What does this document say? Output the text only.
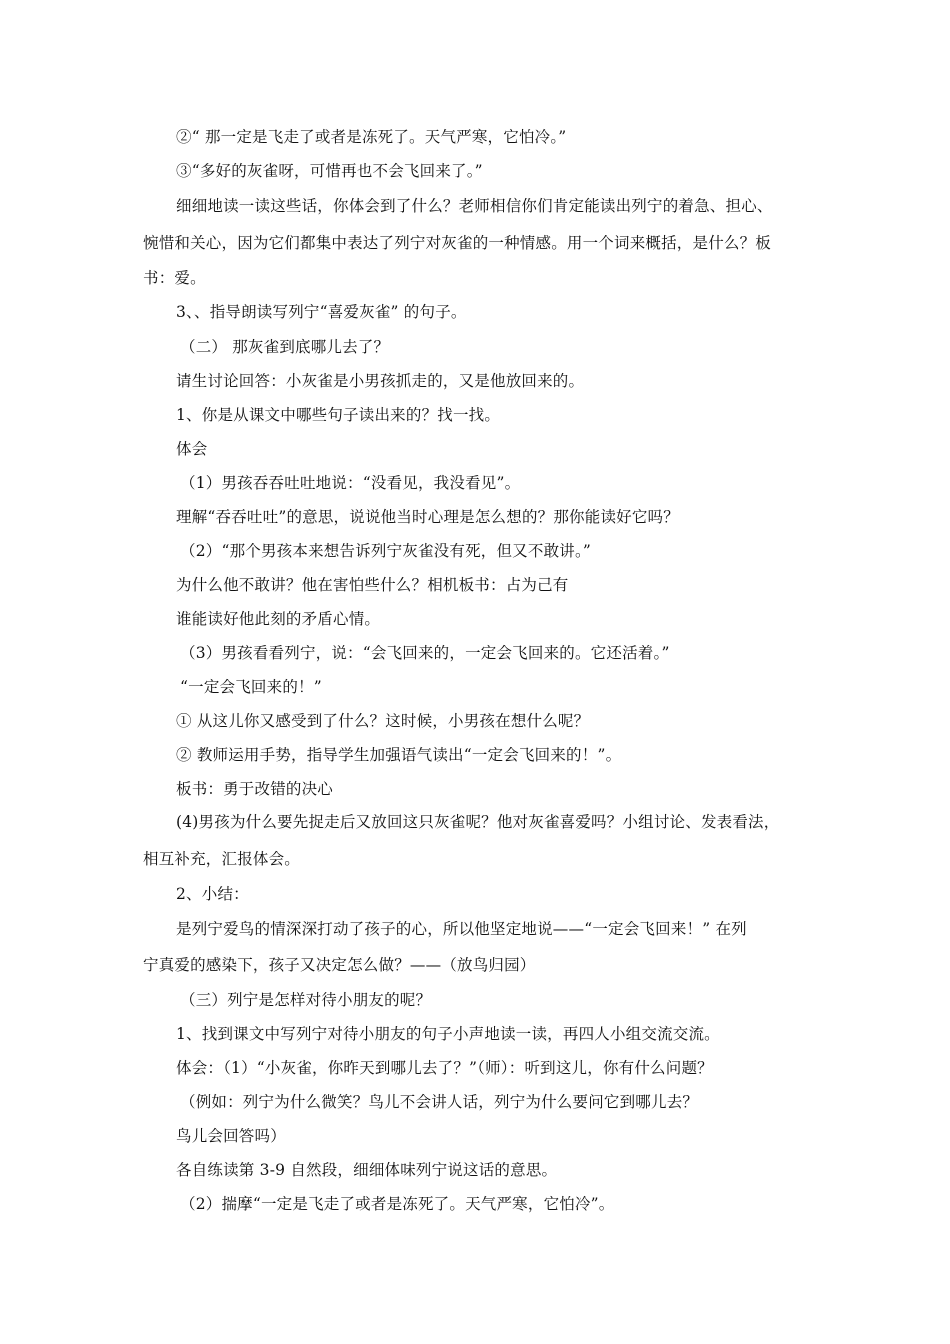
②“ 那一定是飞走了或者是冻死了。天气严寒，它怕冷。”
③“多好的灰雀呀，可惜再也不会飞回来了。”
细细地读一读这些话，你体会到了什么？老师相信你们肯定能读出列宁的着急、担心、
惋惜和关心，因为它们都集中表达了列宁对灰雀的一种情感。用一个词来概括，是什么？板
书：爱。
3、、指导朗读写列宁“喜爱灰雀” 的句子。
（二） 那灰雀到底哪儿去了？
请生讨论回答：小灰雀是小男孩抓走的，又是他放回来的。
1、你是从课文中哪些句子读出来的？找一找。
体会
（1）男孩吞吞吐吐地说：“没看见，我没看见”。
理解“吞吞吐吐”的意思，说说他当时心理是怎么想的？那你能读好它吗？
（2）“那个男孩本来想告诉列宁灰雀没有死，但又不敢讲。”
为什么他不敢讲？他在害怕些什么？相机板书：占为己有
谁能读好他此刻的矛盾心情。
（3）男孩看看列宁，说：“会飞回来的，一定会飞回来的。它还活着。”
“一定会飞回来的！”
① 从这儿你又感受到了什么？这时候，小男孩在想什么呢？
② 教师运用手势，指导学生加强语气读出“一定会飞回来的！”。
板书：勇于改错的决心
(4)男孩为什么要先捉走后又放回这只灰雀呢？他对灰雀喜爱吗？小组讨论、发表看法，
相互补充，汇报体会。
2、小结：
是列宁爱鸟的情深深打动了孩子的心，所以他坚定地说——“一定会飞回来！” 在列
宁真爱的感染下，孩子又决定怎么做？——（放鸟归园）
（三）列宁是怎样对待小朋友的呢？
1、找到课文中写列宁对待小朋友的句子小声地读一读，再四人小组交流交流。
体会：（1）“小灰雀，你昨天到哪儿去了？”（师）：听到这儿，你有什么问题？
（例如：列宁为什么微笑？鸟儿不会讲人话，列宁为什么要问它到哪儿去？
鸟儿会回答吗）
各自练读第 3-9 自然段，细细体味列宁说这话的意思。
（2）揣摩“一定是飞走了或者是冻死了。天气严寒，它怕冷”。
